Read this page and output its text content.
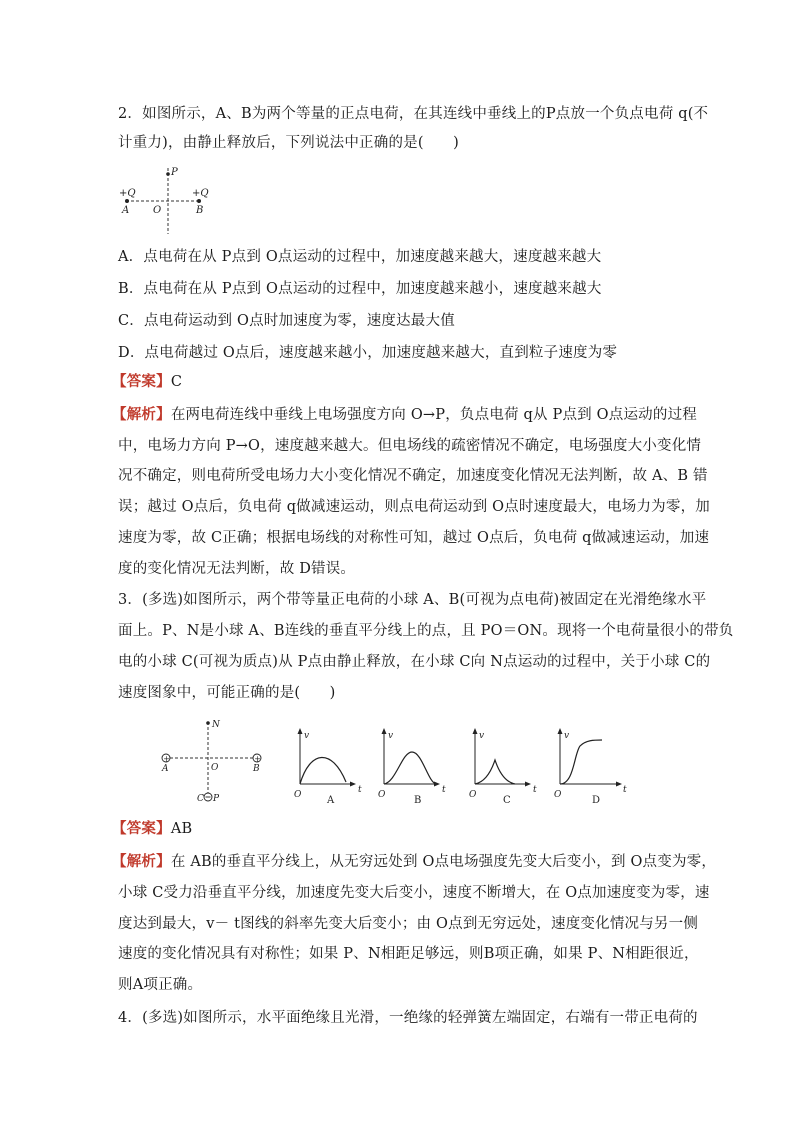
2．如图所示，A、B为两个等量的正点电荷，在其连线中垂线上的P点放一个负点电荷 q(不
计重力)，由静止释放后，下列说法中正确的是(　　)
P
+Q	+Q
A O	B
A．点电荷在从 P点到 O点运动的过程中，加速度越来越大，速度越来越大
B．点电荷在从 P点到 O点运动的过程中，加速度越来越小，速度越来越大
C．点电荷运动到 O点时加速度为零，速度达最大值
D．点电荷越过 O点后，速度越来越小，加速度越来越大，直到粒子速度为零
【答案】C
【解析】在两电荷连线中垂线上电场强度方向 O→P，负点电荷 q从 P点到 O点运动的过程
中，电场力方向 P→O，速度越来越大。但电场线的疏密情况不确定，电场强度大小变化情
况不确定，则电荷所受电场力大小变化情况不确定，加速度变化情况无法判断，故 A、B 错
误；越过 O点后，负电荷 q做减速运动，则点电荷运动到 O点时速度最大，电场力为零，加
速度为零，故 C正确；根据电场线的对称性可知，越过 O点后，负电荷 q做减速运动，加速
度的变化情况无法判断，故 D错误。
3．(多选)如图所示，两个带等量正电荷的小球 A、B(可视为点电荷)被固定在光滑绝缘水平
面上。P、N是小球 A、B连线的垂直平分线上的点，且 PO＝ON。现将一个电荷量很小的带负
电的小球 C(可视为质点)从 P点由静止释放，在小球 C向 N点运动的过程中，关于小球 C的
速度图象中，可能正确的是(　　)
N
+	+
A	O	B
C P
v
O	t
A
v
O	t
B
v
O	t
C
v
O	t
D
【答案】AB
【解析】在 AB的垂直平分线上，从无穷远处到 O点电场强度先变大后变小，到 O点变为零，
小球 C受力沿垂直平分线，加速度先变大后变小，速度不断增大，在 O点加速度变为零，速
度达到最大，v－ t图线的斜率先变大后变小；由 O点到无穷远处，速度变化情况与另一侧
速度的变化情况具有对称性；如果 P、N相距足够远，则B项正确，如果 P、N相距很近，
则A项正确。
4．(多选)如图所示，水平面绝缘且光滑，一绝缘的轻弹簧左端固定，右端有一带正电荷的
